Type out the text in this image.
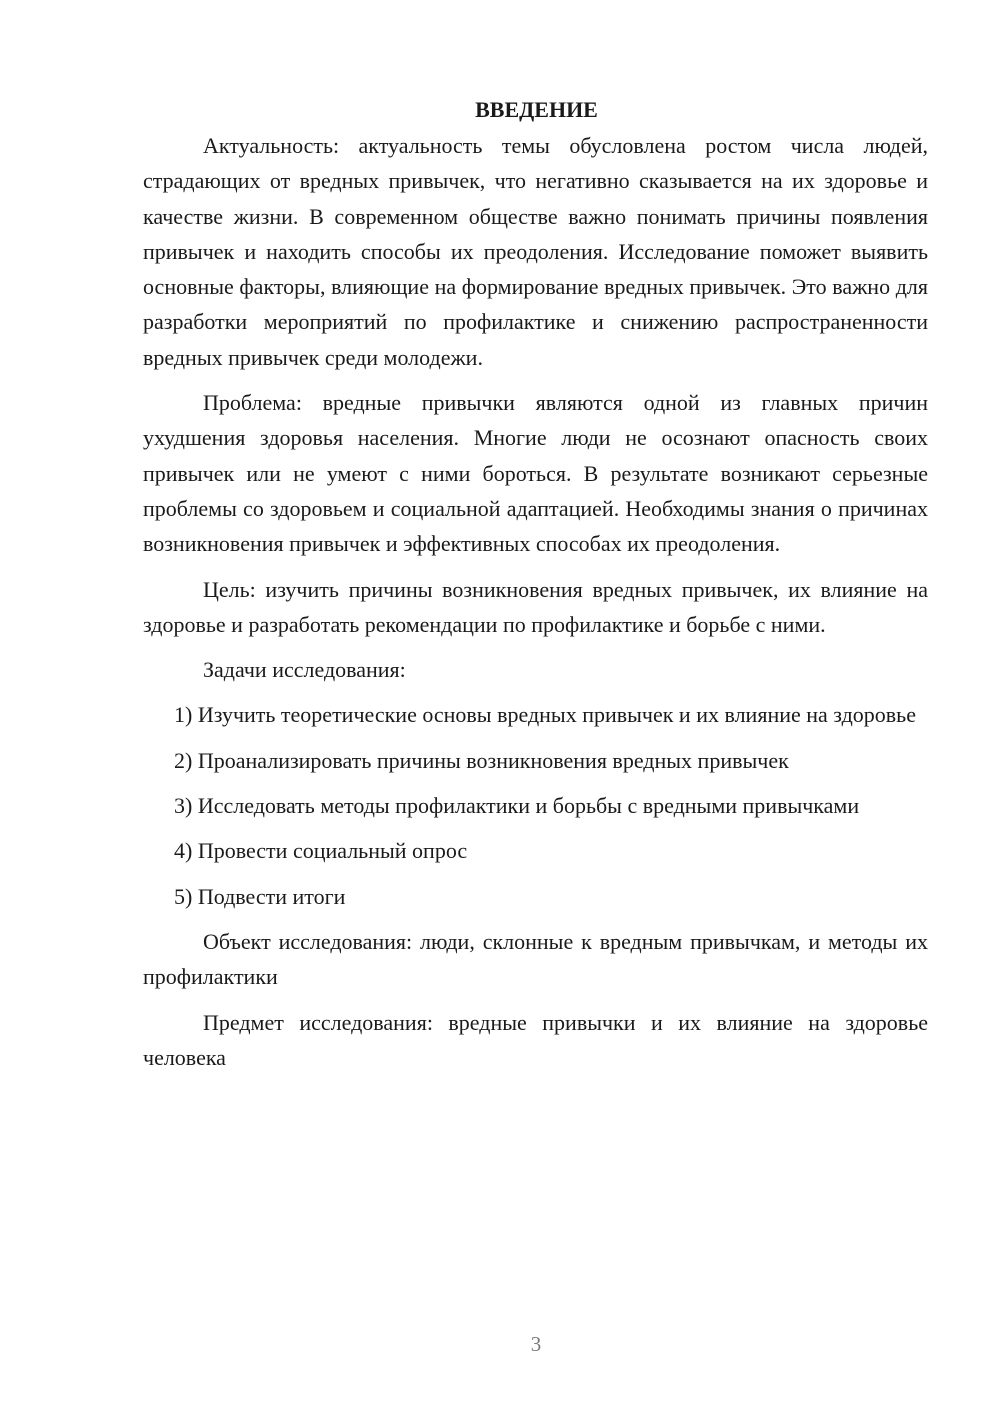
ВВЕДЕНИЕ

Актуальность: актуальность темы обусловлена ростом числа людей, страдающих от вредных привычек, что негативно сказывается на их здоровье и качестве жизни. В современном обществе важно понимать причины появления привычек и находить способы их преодоления. Исследование поможет выявить основные факторы, влияющие на формирование вредных привычек. Это важно для разработки мероприятий по профилактике и снижению распространенности вредных привычек среди молодежи.

Проблема: вредные привычки являются одной из главных причин ухудшения здоровья населения. Многие люди не осознают опасность своих привычек или не умеют с ними бороться. В результате возникают серьезные проблемы со здоровьем и социальной адаптацией. Необходимы знания о причинах возникновения привычек и эффективных способах их преодоления.

Цель: изучить причины возникновения вредных привычек, их влияние на здоровье и разработать рекомендации по профилактике и борьбе с ними.

Задачи исследования:

1) Изучить теоретические основы вредных привычек и их влияние на здоровье

2) Проанализировать причины возникновения вредных привычек

3) Исследовать методы профилактики и борьбы с вредными привычками

4) Провести социальный опрос

5) Подвести итоги

Объект исследования: люди, склонные к вредным привычкам, и методы их профилактики

Предмет исследования: вредные привычки и их влияние на здоровье человека

3
